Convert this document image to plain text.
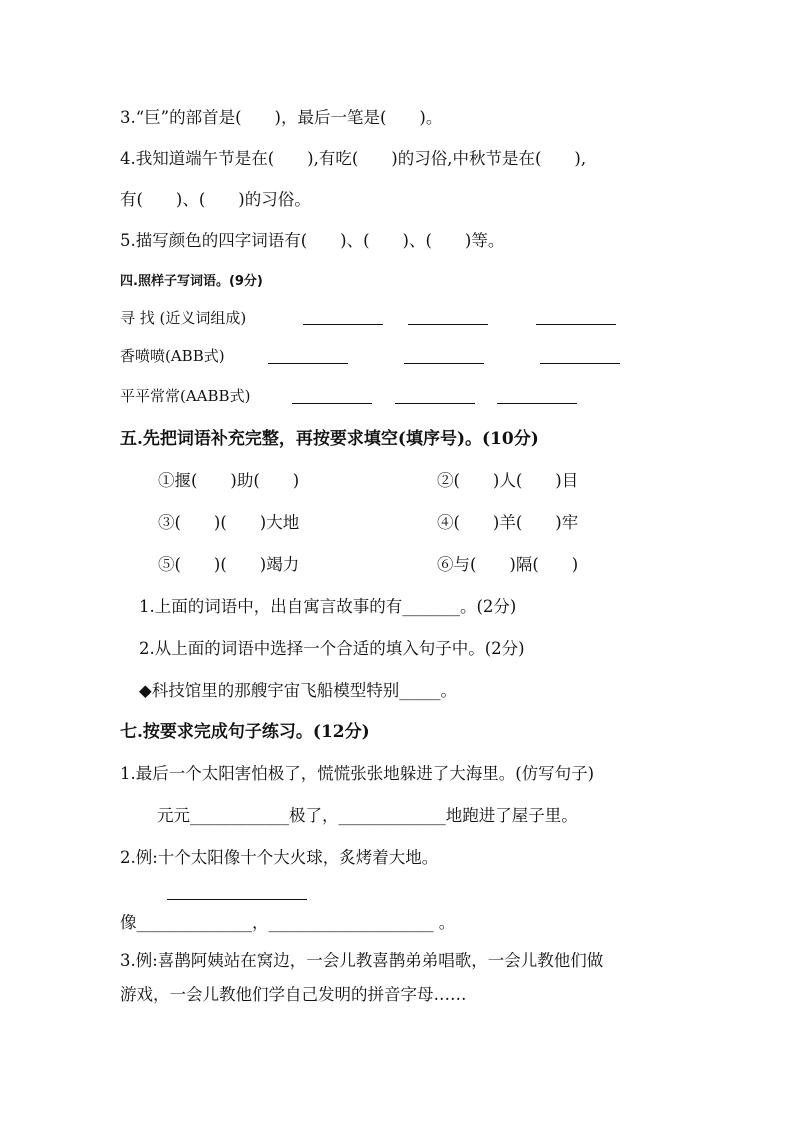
3.“巨”的部首是(　　)，最后一笔是(　　)。
4.我知道端午节是在(　　),有吃(　　)的习俗,中秋节是在(　　),
有(　　)、(　　)的习俗。
5.描写颜色的四字词语有(　　)、(　　)、(　　)等。
四.照样子写词语。(9分)
寻 找 (近义词组成)
香喷喷(ABB式)
平平常常(AABB式)
五.先把词语补充完整，再按要求填空(填序号)。(10分)
①揠(　　)助(　　)	②(　　)人(　　)目
③(　　)(　　)大地	④(　　)羊(　　)牢
⑤(　　)(　　)竭力	⑥与(　　)隔(　　)
1.上面的词语中，出自寓言故事的有_______。(2分)
2.从上面的词语中选择一个合适的填入句子中。(2分)
◆科技馆里的那艘宇宙飞船模型特别_____。
七.按要求完成句子练习。(12分)
1.最后一个太阳害怕极了，慌慌张张地躲进了大海里。(仿写句子)
元元____________极了，_____________地跑进了屋子里。
2.例:十个太阳像十个大火球，炙烤着大地。
像______________，____________________ 。
3.例:喜鹊阿姨站在窝边，一会儿教喜鹊弟弟唱歌，一会儿教他们做
游戏，一会儿教他们学自己发明的拼音字母……
